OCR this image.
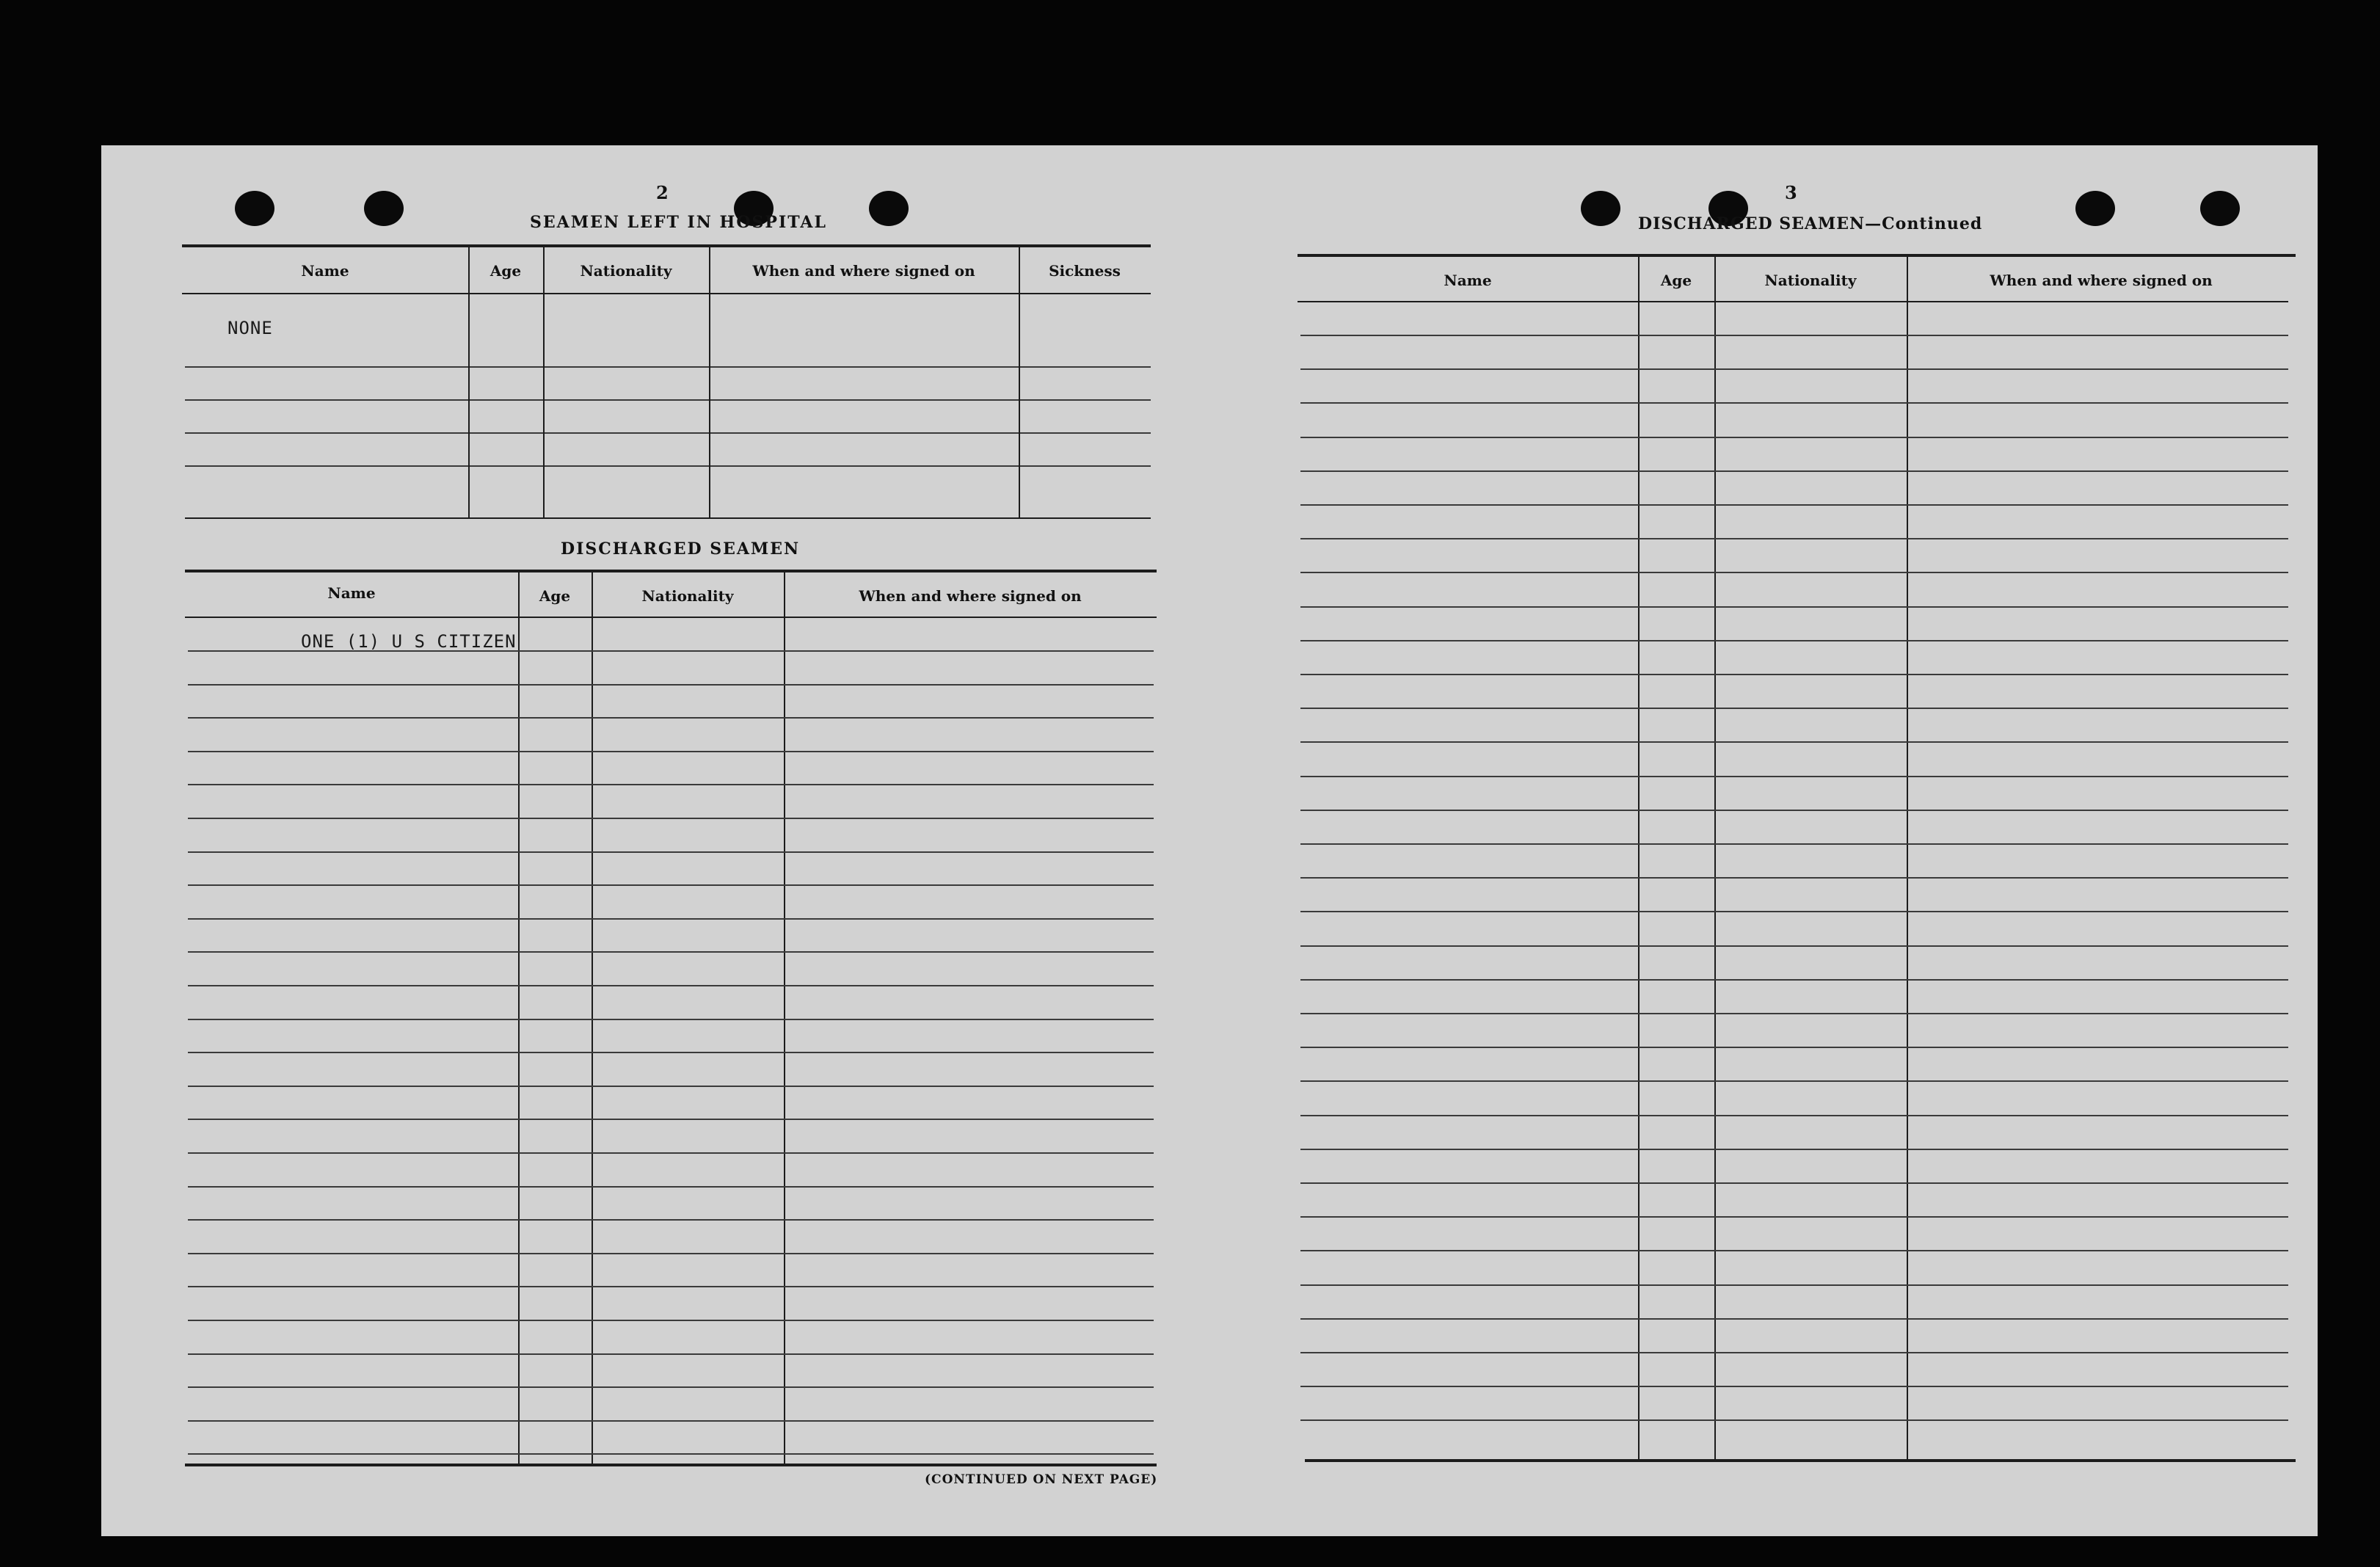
2
SEAMEN LEFT IN HOSPITAL
Name	Age	Nationality	When and where signed on	Sickness
NONE
DISCHARGED SEAMEN
Name	Age	Nationality	When and where signed on
ONE (1) U S CITIZEN
(CONTINUED ON NEXT PAGE)
3
DISCHARGED SEAMEN—Continued
Name	Age	Nationality	When and where signed on
